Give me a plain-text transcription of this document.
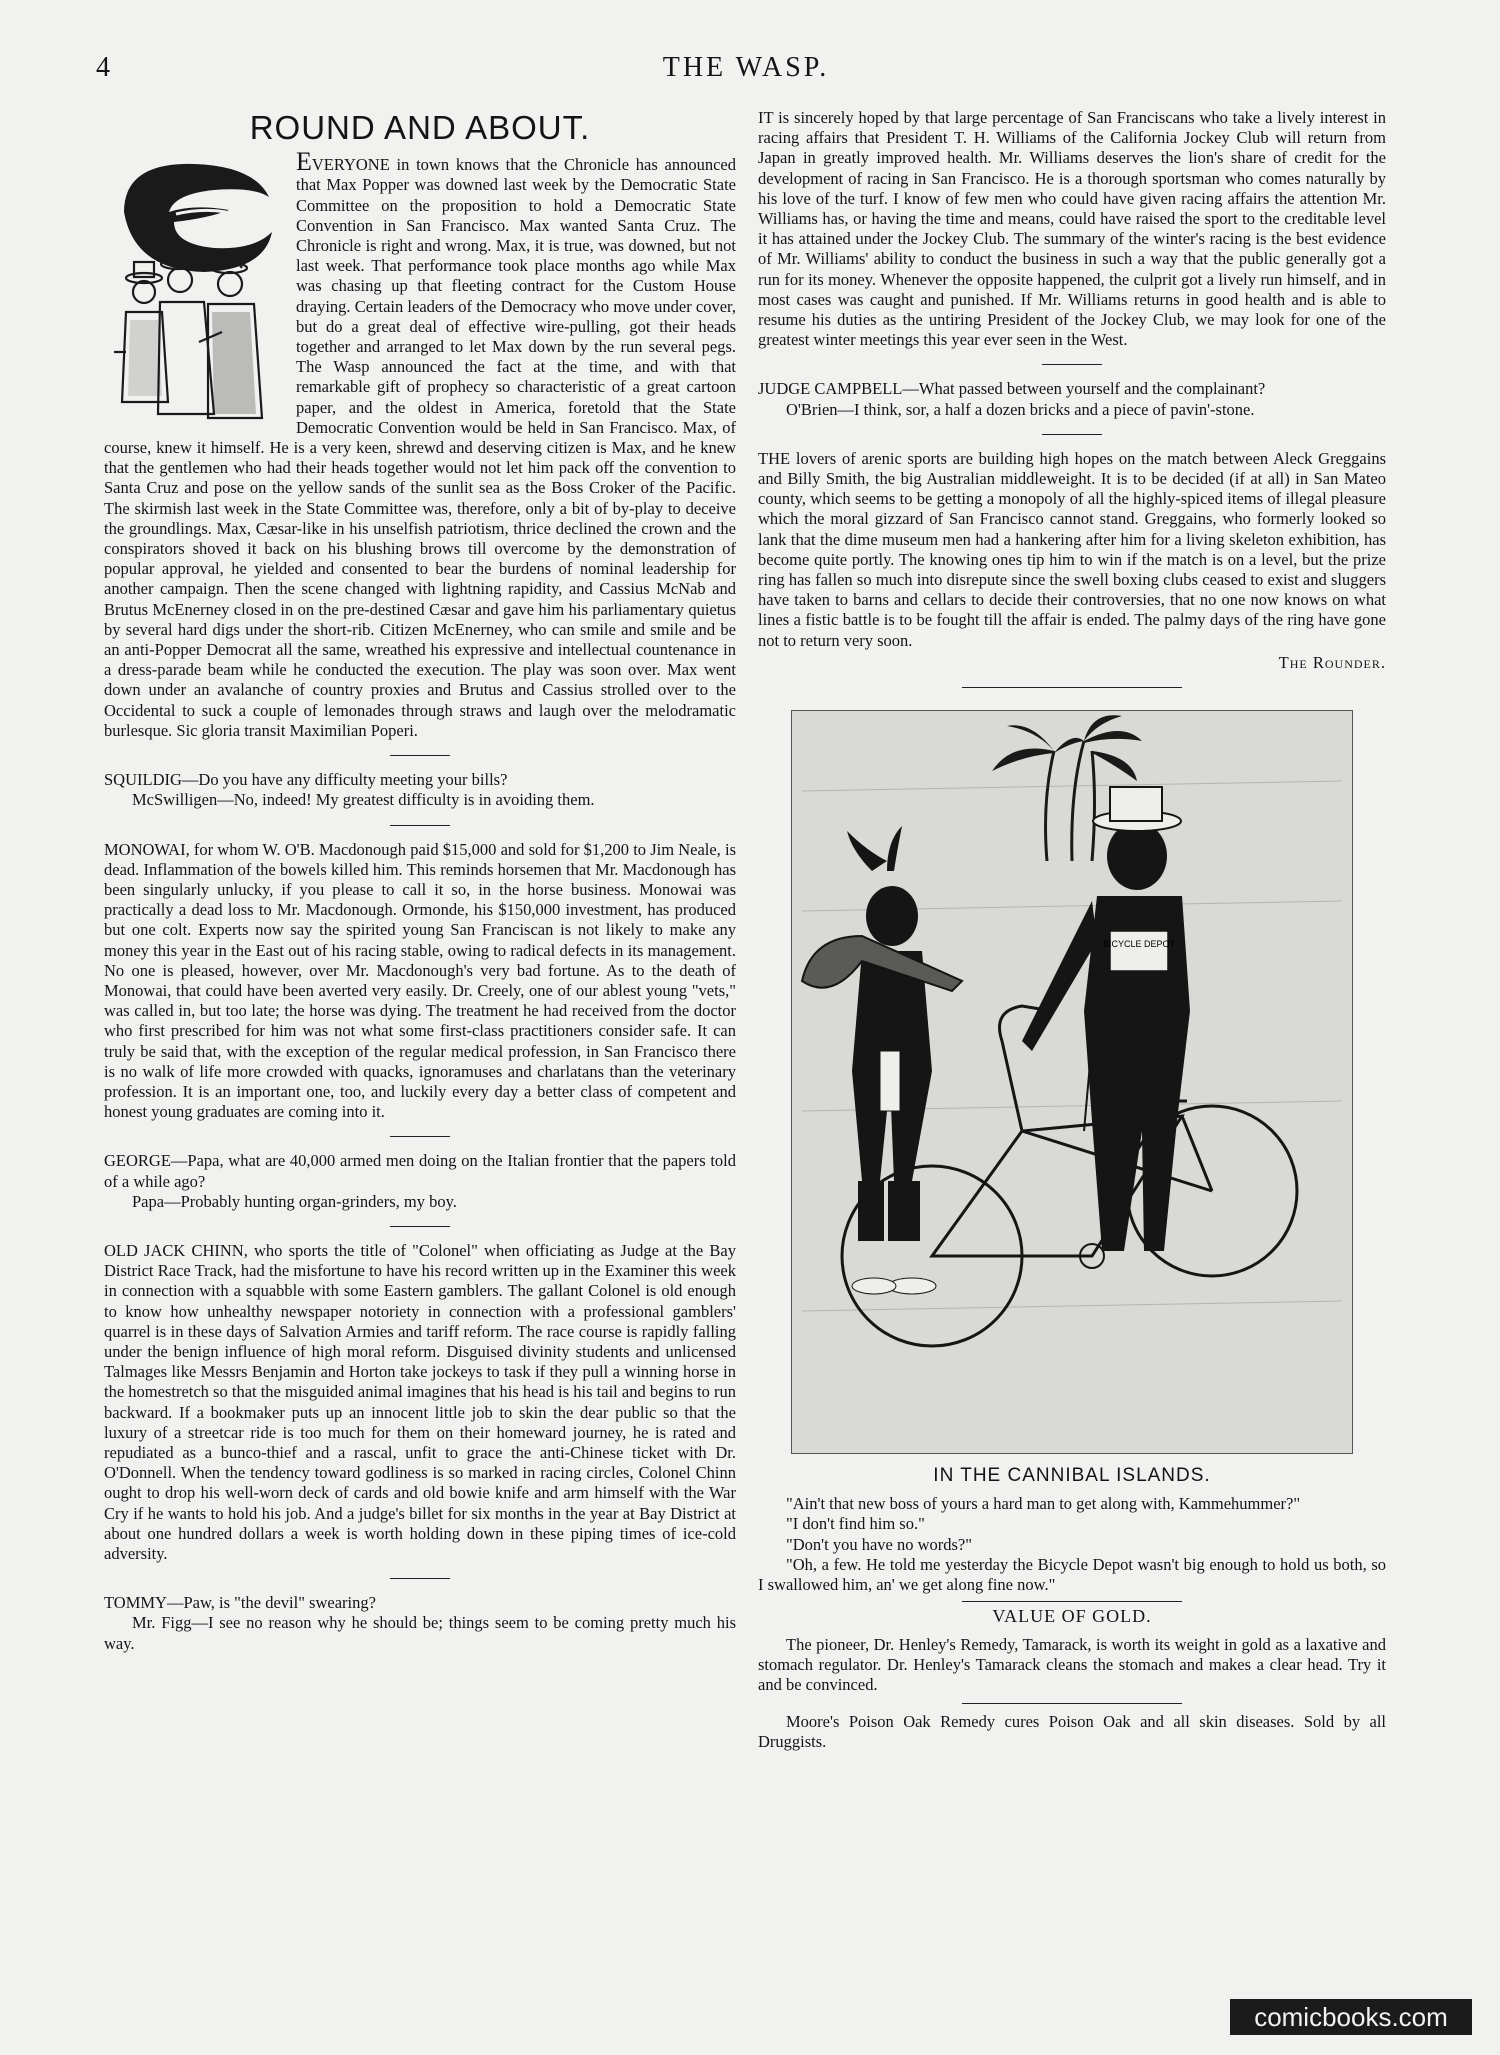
4	THE WASP.
ROUND AND ABOUT.

EVERYONE in town knows that the Chronicle has announced that Max Popper was downed last week by the Democratic State Committee on the proposition to hold a Democratic State Convention in San Francisco. Max wanted Santa Cruz. The Chronicle is right and wrong. Max, it is true, was downed, but not last week. That performance took place months ago while Max was chasing up that fleeting contract for the Custom House draying. Certain leaders of the Democracy who move under cover, but do a great deal of effective wire-pulling, got their heads together and arranged to let Max down by the run several pegs. The Wasp announced the fact at the time, and with that remarkable gift of prophecy so characteristic of a great cartoon paper, and the oldest in America, foretold that the State Democratic Convention would be held in San Francisco. Max, of course, knew it himself. He is a very keen, shrewd and deserving citizen is Max, and he knew that the gentlemen who had their heads together would not let him pack off the convention to Santa Cruz and pose on the yellow sands of the sunlit sea as the Boss Croker of the Pacific. The skirmish last week in the State Committee was, therefore, only a bit of by-play to deceive the groundlings. Max, Cæsar-like in his unselfish patriotism, thrice declined the crown and the conspirators shoved it back on his blushing brows till overcome by the demonstration of popular approval, he yielded and consented to bear the burdens of nominal leadership for another campaign. Then the scene changed with lightning rapidity, and Cassius McNab and Brutus McEnerney closed in on the pre-destined Cæsar and gave him his parliamentary quietus by several hard digs under the short-rib. Citizen McEnerney, who can smile and smile and be an anti-Popper Democrat all the same, wreathed his expressive and intellectual countenance in a dress-parade beam while he conducted the execution. The play was soon over. Max went down under an avalanche of country proxies and Brutus and Cassius strolled over to the Occidental to suck a couple of lemonades through straws and laugh over the melodramatic burlesque. Sic gloria transit Maximilian Poperi.

SQUILDIG—Do you have any difficulty meeting your bills?

McSwilligen—No, indeed! My greatest difficulty is in avoiding them.

MONOWAI, for whom W. O'B. Macdonough paid $15,000 and sold for $1,200 to Jim Neale, is dead. Inflammation of the bowels killed him. This reminds horsemen that Mr. Macdonough has been singularly unlucky, if you please to call it so, in the horse business. Monowai was practically a dead loss to Mr. Macdonough. Ormonde, his $150,000 investment, has produced but one colt. Experts now say the spirited young San Franciscan is not likely to make any money this year in the East out of his racing stable, owing to radical defects in its management. No one is pleased, however, over Mr. Macdonough's very bad fortune. As to the death of Monowai, that could have been averted very easily. Dr. Creely, one of our ablest young "vets," was called in, but too late; the horse was dying. The treatment he had received from the doctor who first prescribed for him was not what some first-class practitioners consider safe. It can truly be said that, with the exception of the regular medical profession, in San Francisco there is no walk of life more crowded with quacks, ignoramuses and charlatans than the veterinary profession. It is an important one, too, and luckily every day a better class of competent and honest young graduates are coming into it.

GEORGE—Papa, what are 40,000 armed men doing on the Italian frontier that the papers told of a while ago?

Papa—Probably hunting organ-grinders, my boy.

OLD JACK CHINN, who sports the title of "Colonel" when officiating as Judge at the Bay District Race Track, had the misfortune to have his record written up in the Examiner this week in connection with a squabble with some Eastern gamblers. The gallant Colonel is old enough to know how unhealthy newspaper notoriety in connection with a professional gamblers' quarrel is in these days of Salvation Armies and tariff reform. The race course is rapidly falling under the benign influence of high moral reform. Disguised divinity students and unlicensed Talmages like Messrs Benjamin and Horton take jockeys to task if they pull a winning horse in the homestretch so that the misguided animal imagines that his head is his tail and begins to run backward. If a bookmaker puts up an innocent little job to skin the dear public so that the luxury of a streetcar ride is too much for them on their homeward journey, he is rated and repudiated as a bunco-thief and a rascal, unfit to grace the anti-Chinese ticket with Dr. O'Donnell. When the tendency toward godliness is so marked in racing circles, Colonel Chinn ought to drop his well-worn deck of cards and old bowie knife and arm himself with the War Cry if he wants to hold his job. And a judge's billet for six months in the year at Bay District at about one hundred dollars a week is worth holding down in these piping times of ice-cold adversity.

TOMMY—Paw, is "the devil" swearing?

Mr. Figg—I see no reason why he should be; things seem to be coming pretty much his way.

IT is sincerely hoped by that large percentage of San Franciscans who take a lively interest in racing affairs that President T. H. Williams of the California Jockey Club will return from Japan in greatly improved health. Mr. Williams deserves the lion's share of credit for the development of racing in San Francisco. He is a thorough sportsman who comes naturally by his love of the turf. I know of few men who could have given racing affairs the attention Mr. Williams has, or having the time and means, could have raised the sport to the creditable level it has attained under the Jockey Club. The summary of the winter's racing is the best evidence of Mr. Williams' ability to conduct the business in such a way that the public generally got a run for its money. Whenever the opposite happened, the culprit got a lively run himself, and in most cases was caught and punished. If Mr. Williams returns in good health and is able to resume his duties as the untiring President of the Jockey Club, we may look for one of the greatest winter meetings this year ever seen in the West.

JUDGE CAMPBELL—What passed between yourself and the complainant?

O'Brien—I think, sor, a half a dozen bricks and a piece of pavin'-stone.

THE lovers of arenic sports are building high hopes on the match between Aleck Greggains and Billy Smith, the big Australian middleweight. It is to be decided (if at all) in San Mateo county, which seems to be getting a monopoly of all the highly-spiced items of illegal pleasure which the moral gizzard of San Francisco cannot stand. Greggains, who formerly looked so lank that the dime museum men had a hankering after him for a living skeleton exhibition, has become quite portly. The knowing ones tip him to win if the match is on a level, but the prize ring has fallen so much into disrepute since the swell boxing clubs ceased to exist and sluggers have taken to barns and cellars to decide their controversies, that no one now knows on what lines a fistic battle is to be fought till the affair is ended. The palmy days of the ring have gone not to return very soon.

The Rounder.
BICYCLE DEPOT
IN THE CANNIBAL ISLANDS.

"Ain't that new boss of yours a hard man to get along with, Kammehummer?"

"I don't find him so."

"Don't you have no words?"

"Oh, a few. He told me yesterday the Bicycle Depot wasn't big enough to hold us both, so I swallowed him, an' we get along fine now."

VALUE OF GOLD.

The pioneer, Dr. Henley's Remedy, Tamarack, is worth its weight in gold as a laxative and stomach regulator. Dr. Henley's Tamarack cleans the stomach and makes a clear head. Try it and be convinced.

Moore's Poison Oak Remedy cures Poison Oak and all skin diseases. Sold by all Druggists.

comicbooks.com
